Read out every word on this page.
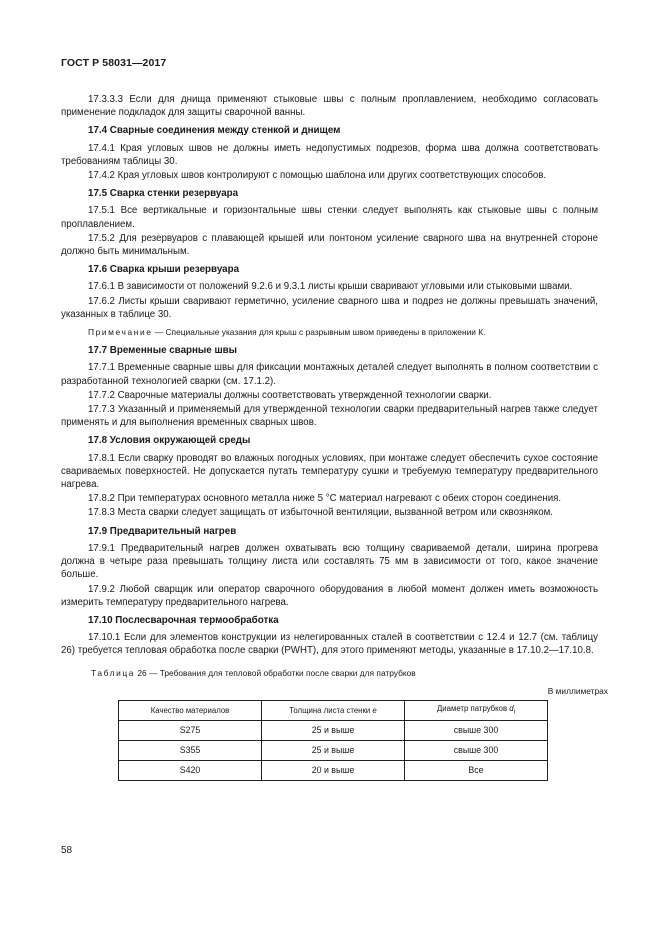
ГОСТ Р 58031—2017

17.3.3.3 Если для днища применяют стыковые швы с полным проплавлением, необходимо согласовать применение подкладок для защиты сварочной ванны.

17.4 Сварные соединения между стенкой и днищем

17.4.1 Края угловых швов не должны иметь недопустимых подрезов, форма шва должна соответствовать требованиям таблицы 30.

17.4.2 Края угловых швов контролируют с помощью шаблона или других соответствующих способов.

17.5 Сварка стенки резервуара

17.5.1 Все вертикальные и горизонтальные швы стенки следует выполнять как стыковые швы с полным проплавлением.

17.5.2 Для резервуаров с плавающей крышей или понтоном усиление сварного шва на внутренней стороне должно быть минимальным.

17.6 Сварка крыши резервуара

17.6.1 В зависимости от положений 9.2.6 и 9.3.1 листы крыши сваривают угловыми или стыковыми швами.

17.6.2 Листы крыши сваривают герметично, усиление сварного шва и подрез не должны превышать значений, указанных в таблице 30.

Примечание — Специальные указания для крыш с разрывным швом приведены в приложении К.

17.7 Временные сварные швы

17.7.1 Временные сварные швы для фиксации монтажных деталей следует выполнять в полном соответствии с разработанной технологией сварки (см. 17.1.2).

17.7.2 Сварочные материалы должны соответствовать утвержденной технологии сварки.

17.7.3 Указанный и применяемый для утвержденной технологии сварки предварительный нагрев также следует применять и для выполнения временных сварных швов.

17.8 Условия окружающей среды

17.8.1 Если сварку проводят во влажных погодных условиях, при монтаже следует обеспечить сухое состояние свариваемых поверхностей. Не допускается путать температуру сушки и требуемую температуру предварительного нагрева.

17.8.2 При температурах основного металла ниже 5 °С материал нагревают с обеих сторон соединения.

17.8.3 Места сварки следует защищать от избыточной вентиляции, вызванной ветром или сквозняком.

17.9 Предварительный нагрев

17.9.1 Предварительный нагрев должен охватывать всю толщину свариваемой детали, ширина прогрева должна в четыре раза превышать толщину листа или составлять 75 мм в зависимости от того, какое значение больше.

17.9.2 Любой сварщик или оператор сварочного оборудования в любой момент должен иметь возможность измерить температуру предварительного нагрева.

17.10 Послесварочная термообработка

17.10.1 Если для элементов конструкции из нелегированных сталей в соответствии с 12.4 и 12.7 (см. таблицу 26) требуется тепловая обработка после сварки (PWHT), для этого применяют методы, указанные в 17.10.2—17.10.8.

Таблица 26 — Требования для тепловой обработки после сварки для патрубков
В миллиметрах
Качество материалов	Толщина листа стенки e	Диаметр патрубков $d_i$
S275	25 и выше	свыше 300
S355	25 и выше	свыше 300
S420	20 и выше	Все
58
